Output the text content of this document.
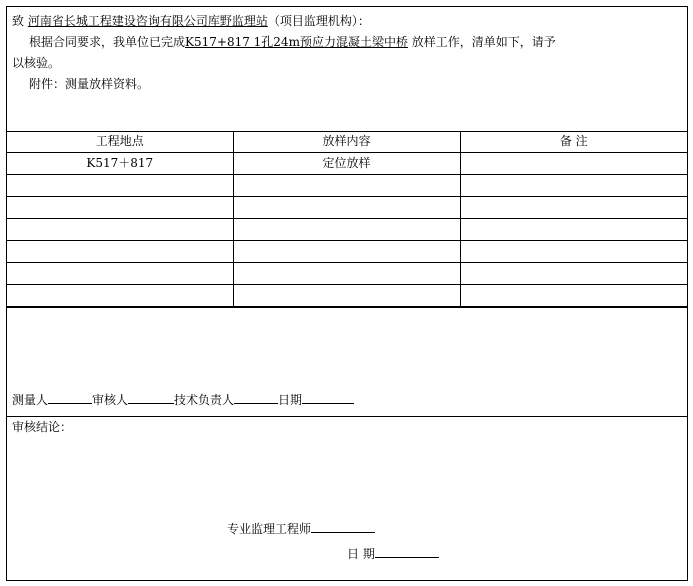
致 河南省长城工程建设咨询有限公司库野监理站（项目监理机构）：
根据合同要求，我单位已完成K517+817 1孔24m预应力混凝土梁中桥 放样工作，清单如下，请予
以核验。
附件：测量放样资料。
工程地点	放样内容	备 注
K517＋817	定位放样	

测量人	审核人	技术负责人	日期
审核结论：
专业监理工程师
日 期
